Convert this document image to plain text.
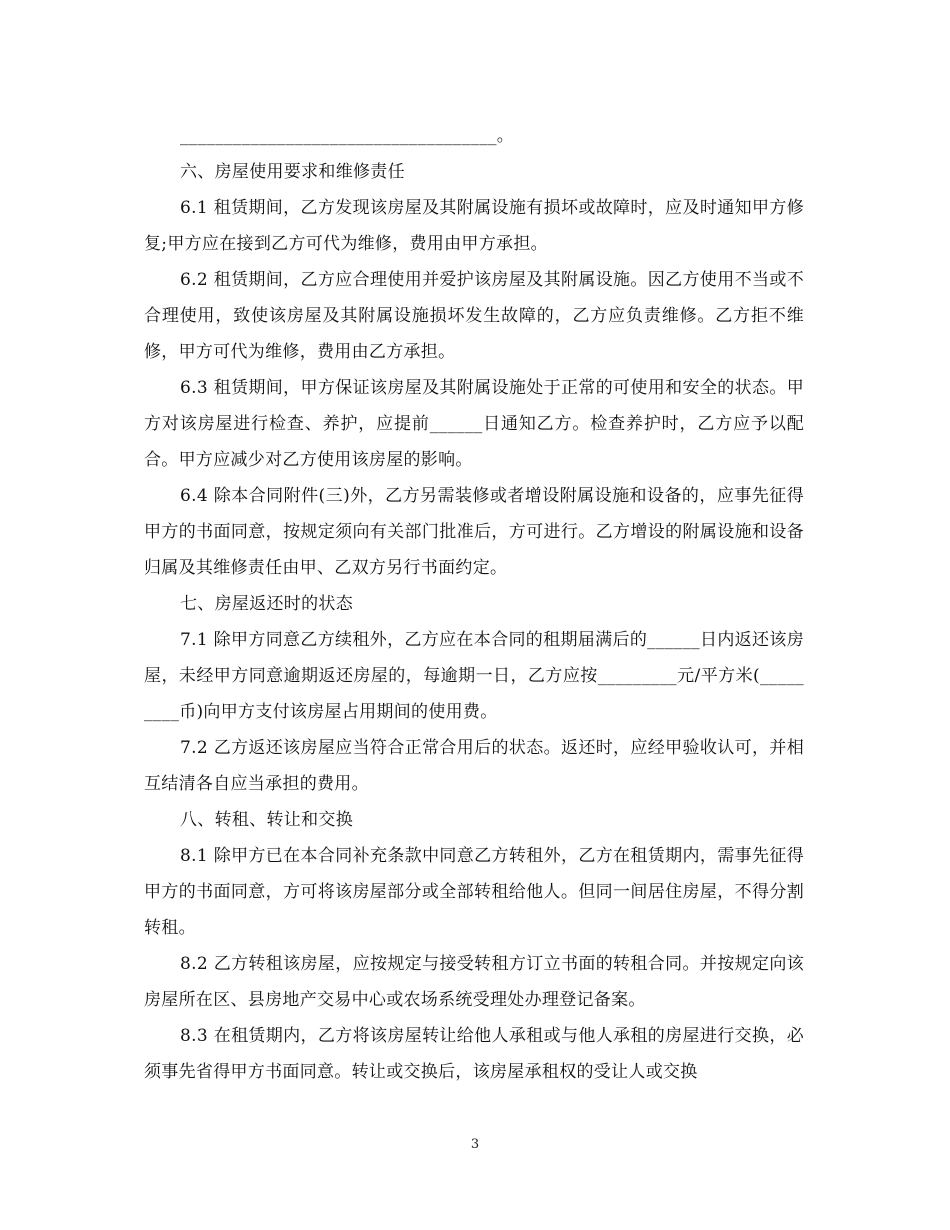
____________________________________。

六、房屋使用要求和维修责任

6.1 租赁期间，乙方发现该房屋及其附属设施有损坏或故障时，应及时通知甲方修复;甲方应在接到乙方可代为维修，费用由甲方承担。

6.2 租赁期间，乙方应合理使用并爱护该房屋及其附属设施。因乙方使用不当或不合理使用，致使该房屋及其附属设施损坏发生故障的，乙方应负责维修。乙方拒不维修，甲方可代为维修，费用由乙方承担。

6.3 租赁期间，甲方保证该房屋及其附属设施处于正常的可使用和安全的状态。甲方对该房屋进行检查、养护，应提前______日通知乙方。检查养护时，乙方应予以配合。甲方应减少对乙方使用该房屋的影响。

6.4 除本合同附件(三)外，乙方另需装修或者增设附属设施和设备的，应事先征得甲方的书面同意，按规定须向有关部门批准后，方可进行。乙方增设的附属设施和设备归属及其维修责任由甲、乙双方另行书面约定。

七、房屋返还时的状态

7.1 除甲方同意乙方续租外，乙方应在本合同的租期届满后的______日内返还该房屋，未经甲方同意逾期返还房屋的，每逾期一日，乙方应按_________元/平方米(_________币)向甲方支付该房屋占用期间的使用费。

7.2 乙方返还该房屋应当符合正常合用后的状态。返还时，应经甲验收认可，并相互结清各自应当承担的费用。

八、转租、转让和交换

8.1 除甲方已在本合同补充条款中同意乙方转租外，乙方在租赁期内，需事先征得甲方的书面同意，方可将该房屋部分或全部转租给他人。但同一间居住房屋，不得分割转租。

8.2 乙方转租该房屋，应按规定与接受转租方订立书面的转租合同。并按规定向该房屋所在区、县房地产交易中心或农场系统受理处办理登记备案。

8.3 在租赁期内，乙方将该房屋转让给他人承租或与他人承租的房屋进行交换，必须事先省得甲方书面同意。转让或交换后，该房屋承租权的受让人或交换

3
